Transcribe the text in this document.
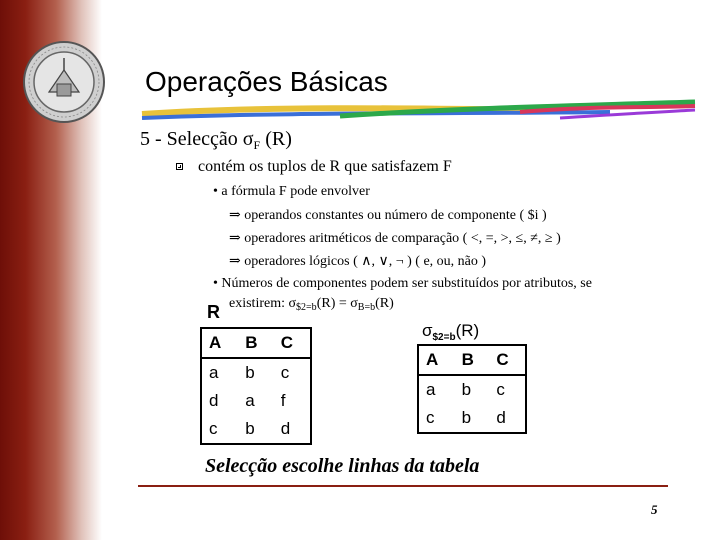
Operações Básicas
5 - Selecção $\sigma_F$ (R)
contém os tuplos de R que satisfazem F
• a fórmula F pode envolver
⇒ operandos constantes ou número de componente ( $i )
⇒ operadores aritméticos de comparação ( <, =, >, ≤, ≠, ≥ )
⇒ operadores lógicos ( ∧, ∨, ¬ ) ( e, ou, não )
• Números de componentes podem ser substituídos por atributos, se
existirem: $\sigma_{\$2=b}(R) = \sigma_{B=b}(R)$
R
A	B	C
a	b	c
d	a	f
c	b	d
$\sigma_{\$2=b}(R)$
A	B	C
a	b	c
c	b	d
Selecção escolhe linhas da tabela
5
